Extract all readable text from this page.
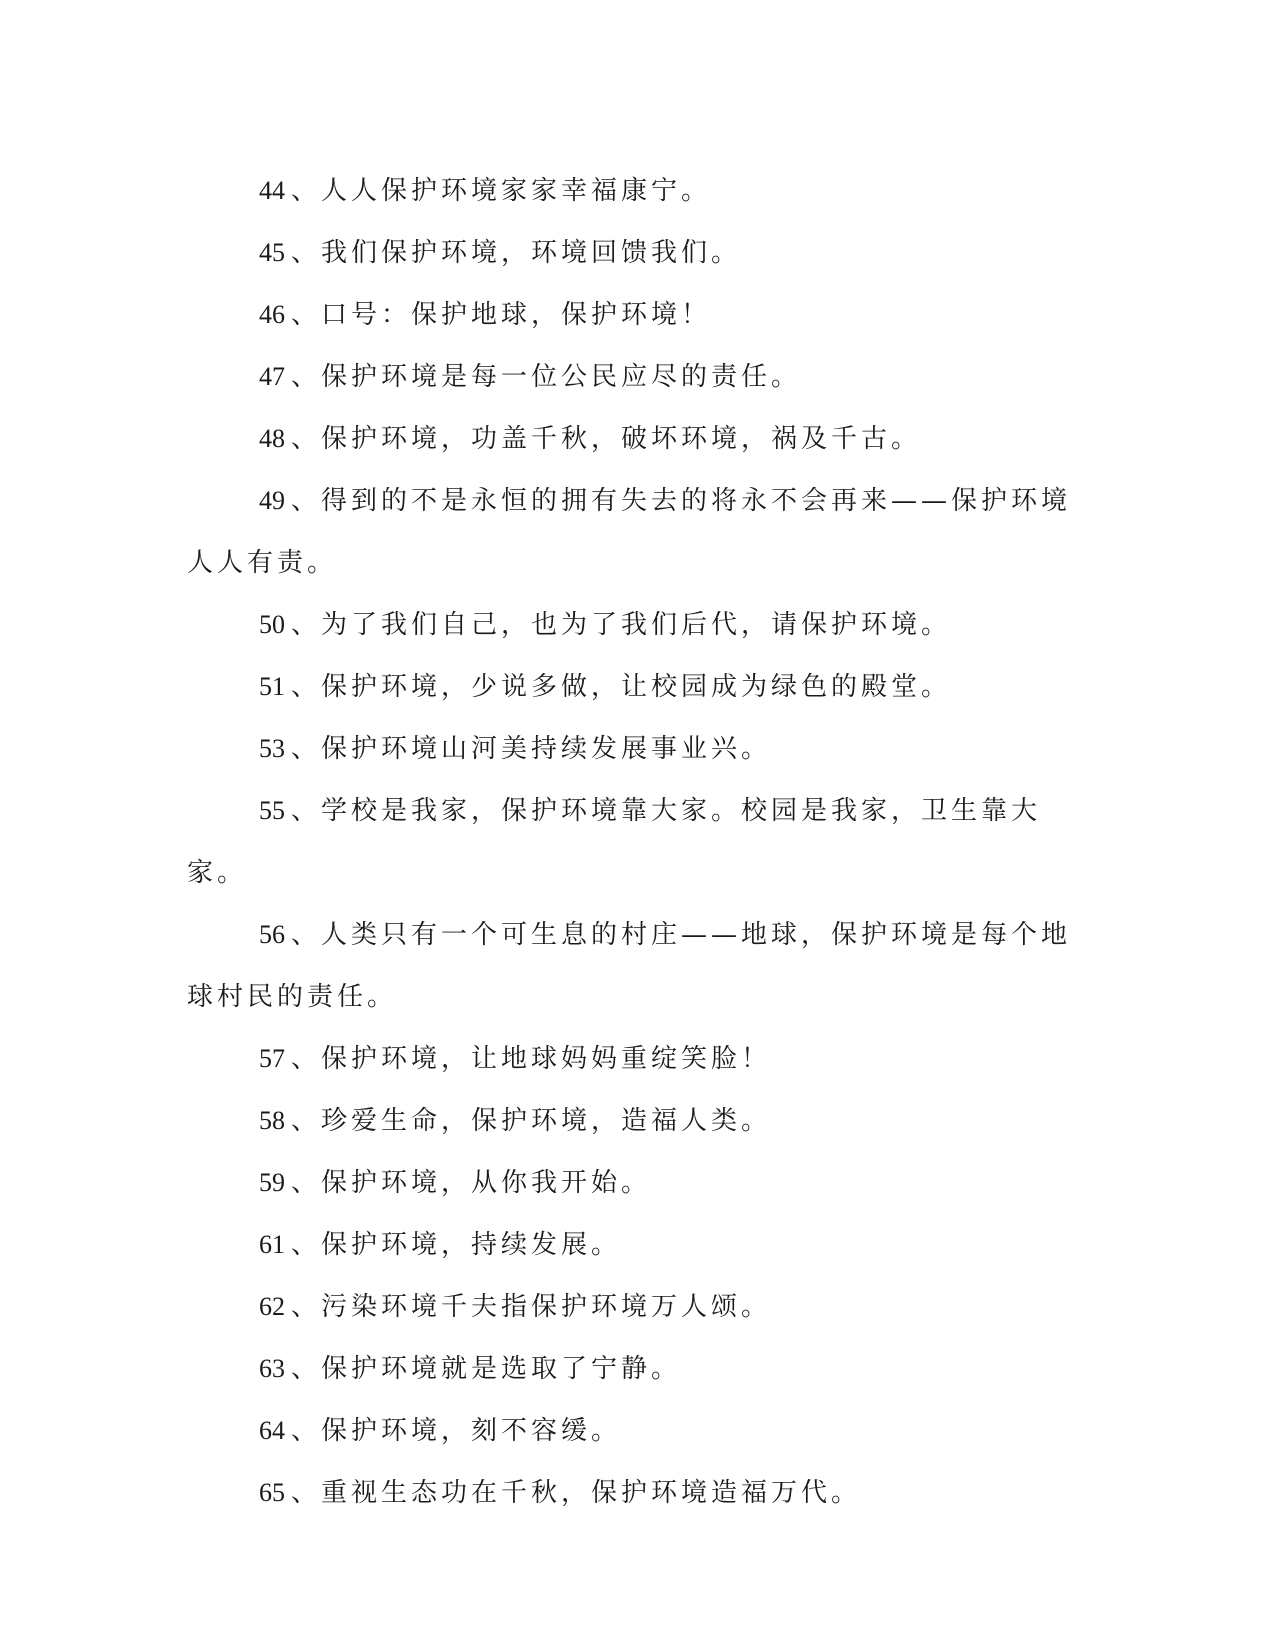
44 、人人保护环境家家幸福康宁。

45 、我们保护环境，环境回馈我们。

46 、口号：保护地球，保护环境！

47 、保护环境是每一位公民应尽的责任。

48 、保护环境，功盖千秋，破坏环境，祸及千古。

49 、得到的不是永恒的拥有失去的将永不会再来——保护环境人人有责。

50 、为了我们自己，也为了我们后代，请保护环境。

51 、保护环境，少说多做，让校园成为绿色的殿堂。

53 、保护环境山河美持续发展事业兴。

55 、学校是我家，保护环境靠大家。校园是我家，卫生靠大家。

56 、人类只有一个可生息的村庄——地球，保护环境是每个地球村民的责任。

57 、保护环境，让地球妈妈重绽笑脸！

58 、珍爱生命，保护环境，造福人类。

59 、保护环境，从你我开始。

61 、保护环境，持续发展。

62 、污染环境千夫指保护环境万人颂。

63 、保护环境就是选取了宁静。

64 、保护环境，刻不容缓。

65 、重视生态功在千秋，保护环境造福万代。
